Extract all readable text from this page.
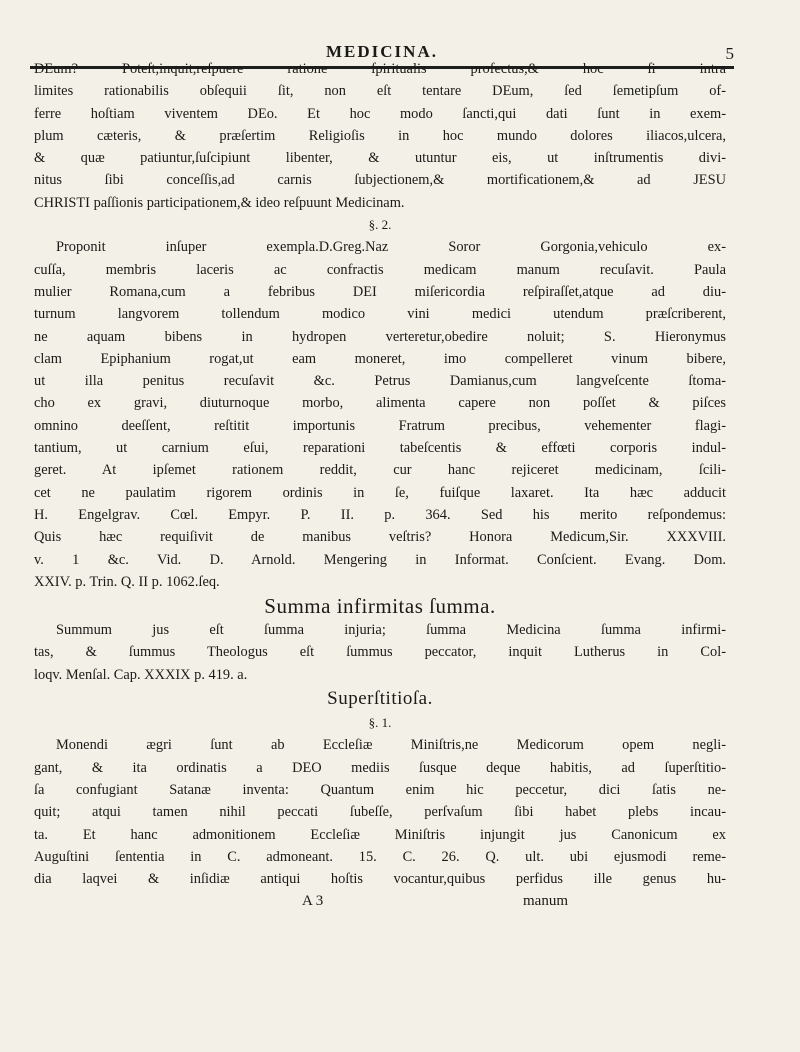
MEDICINA.	5
DEum? Poteſt,inquit,reſpuere ratione ſpiritualis profectus,& hoc ſi intra
limites rationabilis obſequii ſit, non eſt tentare DEum, ſed ſemetipſum of-
ferre hoſtiam viventem DEo. Et hoc modo ſancti,qui dati ſunt in exem-
plum cæteris, & præſertim Religioſis in hoc mundo dolores iliacos,ulcera,
& quæ patiuntur,ſuſcipiunt libenter, & utuntur eis, ut inſtrumentis divi-
nitus ſibi conceſſis,ad carnis ſubjectionem,& mortificationem,& ad JESU
CHRISTI paſſionis participationem,& ideo reſpuunt Medicinam.
§. 2.
Proponit inſuper exempla.D.Greg.Naz Soror Gorgonia,vehiculo ex-
cuſſa, membris laceris ac confractis medicam manum recuſavit. Paula
mulier Romana,cum a febribus DEI miſericordia reſpiraſſet,atque ad diu-
turnum langvorem tollendum modico vini medici utendum præſcriberent,
ne aquam bibens in hydropen verteretur,obedire noluit; S. Hieronymus
clam Epiphanium rogat,ut eam moneret, imo compelleret vinum bibere,
ut illa penitus recuſavit &c. Petrus Damianus,cum langveſcente ſtoma-
cho ex gravi, diuturnoque morbo, alimenta capere non poſſet & piſces
omnino deeſſent, reſtitit importunis Fratrum precibus, vehementer flagi-
tantium, ut carnium eſui, reparationi tabeſcentis & effœti corporis indul-
geret. At ipſemet rationem reddit, cur hanc rejiceret medicinam, ſcili-
cet ne paulatim rigorem ordinis in ſe, fuiſque laxaret. Ita hæc adducit
H. Engelgrav. Cœl. Empyr. P. II. p. 364. Sed his merito reſpondemus:
Quis hæc requiſivit de manibus veſtris? Honora Medicum,Sir. XXXVIII.
v. 1 &c. Vid. D. Arnold. Mengering in Informat. Conſcient. Evang. Dom.
XXIV. p. Trin. Q. II p. 1062.ſeq.
Summa infirmitas ſumma.
Summum jus eſt ſumma injuria; ſumma Medicina ſumma infirmi-
tas, & ſummus Theologus eſt ſummus peccator, inquit Lutherus in Col-
loqv. Menſal. Cap. XXXIX p. 419. a.
Superſtitioſa.
§. 1.
Monendi ægri ſunt ab Eccleſiæ Miniſtris,ne Medicorum opem negli-
gant, & ita ordinatis a DEO mediis ſusque deque habitis, ad ſuperſtitio-
ſa confugiant Satanæ inventa: Quantum enim hic peccetur, dici ſatis ne-
quit; atqui tamen nihil peccati ſubeſſe, perſvaſum ſibi habet plebs incau-
ta. Et hanc admonitionem Eccleſiæ Miniſtris injungit jus Canonicum ex
Auguſtini ſententia in C. admoneant. 15. C. 26. Q. ult. ubi ejusmodi reme-
dia laqvei & inſidiæ antiqui hoſtis vocantur,quibus perfidus ille genus hu-
A 3	manum
